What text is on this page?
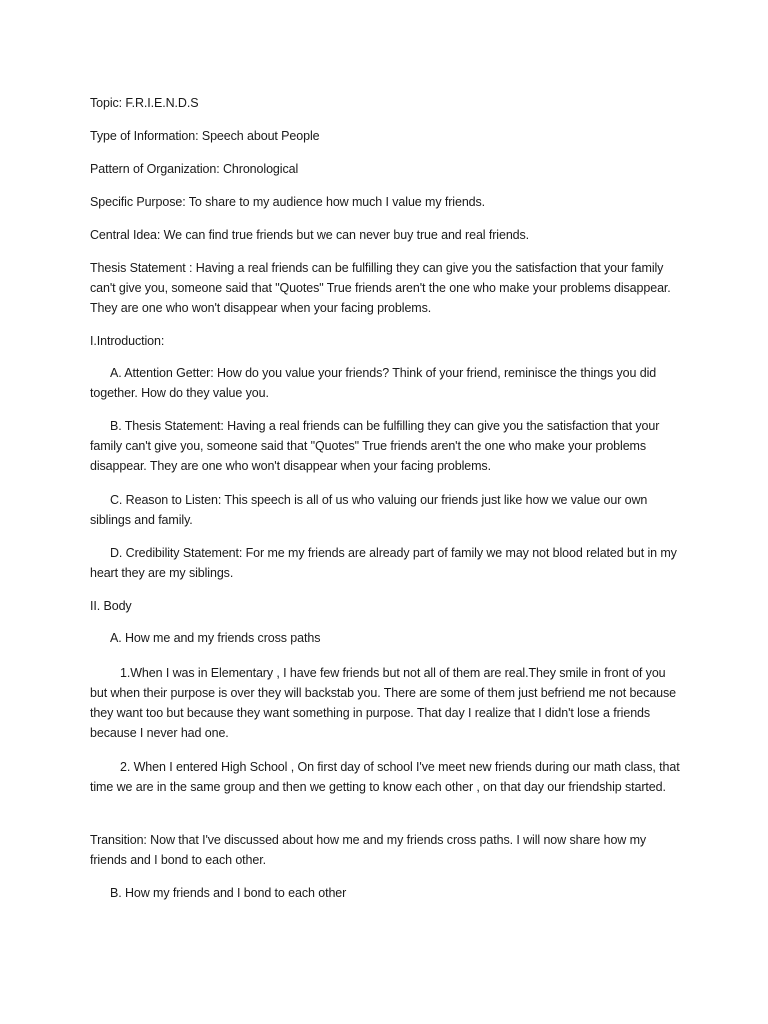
Topic: F.R.I.E.N.D.S

Type of Information: Speech about People

Pattern of Organization: Chronological

Specific Purpose: To share to my audience how much I value my friends.

Central Idea: We can find true friends but we can never buy true and real friends.

Thesis Statement : Having a real friends can be fulfilling they can give you the satisfaction that your family can't give you, someone said that "Quotes" True friends aren't the one who make your problems disappear. They are one who won't disappear when your facing problems.

I.Introduction:

A. Attention Getter: How do you value your friends? Think of your friend, reminisce the things you did together. How do they value you.

B. Thesis Statement: Having a real friends can be fulfilling they can give you the satisfaction that your family can't give you, someone said that "Quotes" True friends aren't the one who make your problems disappear. They are one who won't disappear when your facing problems.

C. Reason to Listen: This speech is all of us who valuing our friends just like how we value our own siblings and family.

D. Credibility Statement: For me my friends are already part of family we may not blood related but in my heart they are my siblings.

II. Body

A. How me and my friends cross paths

1.When I was in Elementary , I have few friends but not all of them are real.They smile in front of you but when their purpose is over they will backstab you. There are some of them just befriend me not because they want too but because they want something in purpose. That day I realize that I didn't lose a friends because I never had one.

2. When I entered High School , On first day of school I've meet new friends during our math class, that time we are in the same group and then we getting to know each other , on that day our friendship started.

Transition: Now that I've discussed about how me and my friends cross paths. I will now share how my friends and I bond to each other.

B. How my friends and I bond to each other
